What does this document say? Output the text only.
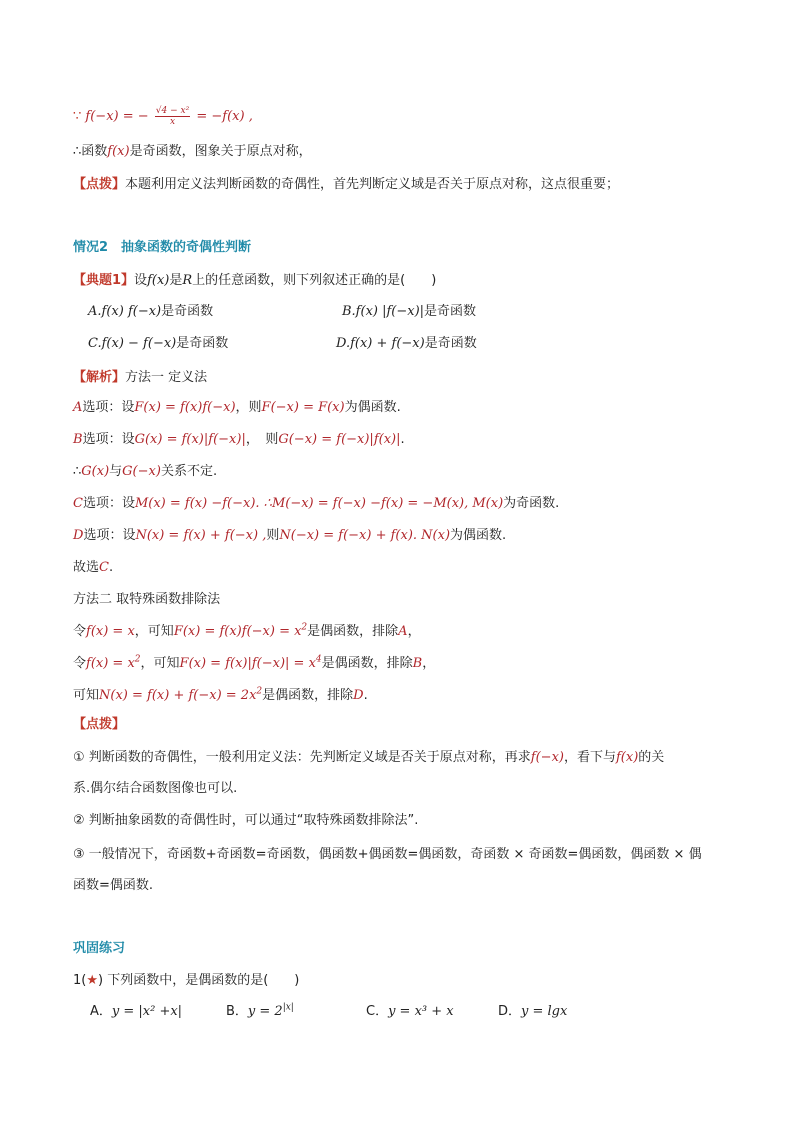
∵ f(−x) = − $\frac{\text{√4 − x²}}{x} = -f(x)$ ,
∴函数f(x)是奇函数，图象关于原点对称，
【点拨】本题利用定义法判断函数的奇偶性，首先判断定义域是否关于原点对称，这点很重要；
情况2　抽象函数的奇偶性判断
【典题1】设f(x)是R上的任意函数，则下列叙述正确的是(　　)
A.f(x) f(−x)是奇函数	B.f(x) |f(−x)|是奇函数
C.f(x) − f(−x)是奇函数	D.f(x) + f(−x)是奇函数
【解析】方法一 定义法
A选项：设F(x) = f(x)f(−x)，则F(−x) = F(x)为偶函数.
B选项：设G(x) = f(x)|f(−x)|，　则G(−x) = f(−x)|f(x)|.
∴G(x)与G(−x)关系不定.
C选项：设M(x) = f(x) −f(−x). ∴M(−x) = f(−x) −f(x) = −M(x), M(x)为奇函数.
D选项：设N(x) = f(x) + f(−x) ,则N(−x) = f(−x) + f(x). N(x)为偶函数.
故选C.
方法二 取特殊函数排除法
令f(x) = x，可知$F(x) = f(x)f(-x) = x^2$是偶函数，排除A，
令$f(x) = x^2$，可知$F(x) = f(x)|f(-x)| = x^4$是偶函数，排除B，
可知$N(x) = f(x) + f(-x) = 2x^2$是偶函数，排除D.
【点拨】
① 判断函数的奇偶性，一般利用定义法：先判断定义域是否关于原点对称，再求f(−x)，看下与f(x)的关
系.偶尔结合函数图像也可以.
② 判断抽象函数的奇偶性时，可以通过“取特殊函数排除法”.
③ 一般情况下，奇函数+奇函数=奇函数，偶函数+偶函数=偶函数，奇函数 × 奇函数=偶函数，偶函数 × 偶
函数=偶函数.
巩固练习
1(★) 下列函数中，是偶函数的是(　　)
A．y = |x² +x|	B．$y = 2^{|x|}$	C．y = x³ + x	D．y = lgx
